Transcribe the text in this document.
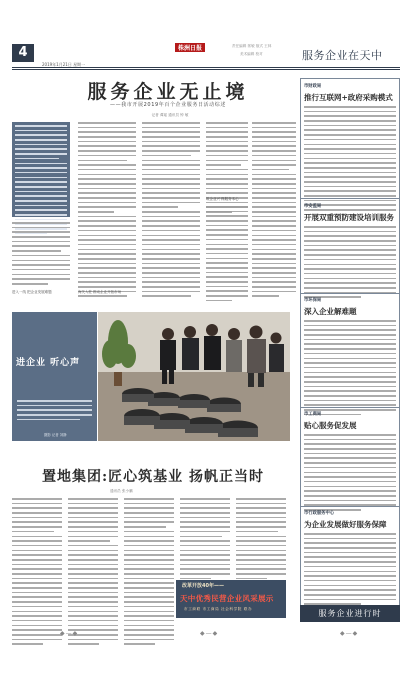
4
2019年1月21日 星期一
株洲日报	责任编辑 郭敏 版式 王林
美术编辑 校对	服务企业在天中
服务企业无止境
——我市开展2019年百个企业服务日活动综述
记者 谭瑶 通讯员 钟 敏
进入一线 把企业发展难题	海关入驻 推动企业开拓市场
筑企业兴 株服务本心
进企业 听心声
摄影 记者 刘静
置地集团:匠心筑基业 扬帆正当时
通讯员 张小鹏
改革开放40年——
天中优秀民营企业风采展示
市工商联 市工商局 社会科学院 联办
市财政局
推行互联网+政府采购模式
市安监局
开展双重预防建设培训服务
市环保局
深入企业解难题
市工商局
贴心服务促发展
市行政服务中心
为企业发展做好服务保障
服务企业进行时
◆—◆	◆—◆	◆—◆
